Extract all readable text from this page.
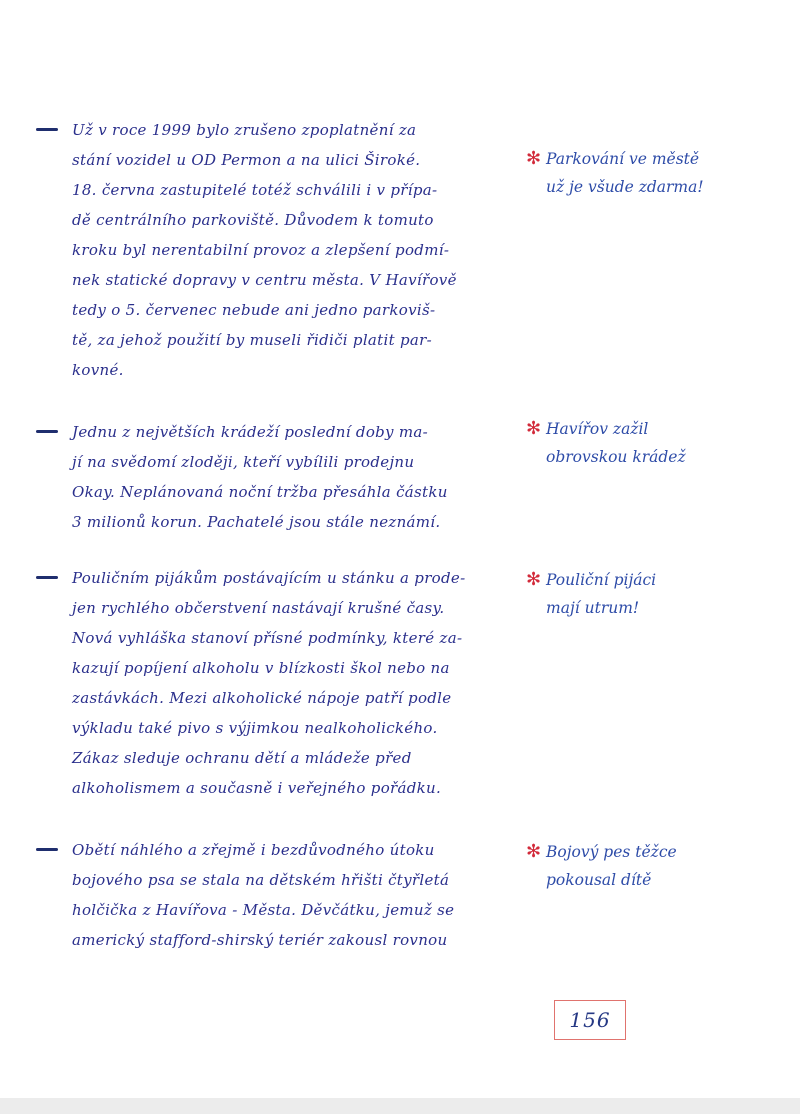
Už v roce 1999 bylo zrušeno zpoplatnění za
stání vozidel u OD Permon a na ulici Široké.
18. června zastupitelé totéž schválili i v přípa-
dě centrálního parkoviště. Důvodem k tomuto
kroku byl nerentabilní provoz a zlepšení podmí-
nek statické dopravy v centru města. V Havířově
tedy o 5. červenec nebude ani jedno parkoviš-
tě, za jehož použití by museli řidiči platit par-
kovné.
✻ Parkování ve městě
už je všude zdarma!
Jednu z největších krádeží poslední doby ma-
jí na svědomí zloději, kteří vybílili prodejnu
Okay. Neplánovaná noční tržba přesáhla částku
3 milionů korun. Pachatelé jsou stále neznámí.
✻ Havířov zažil
obrovskou krádež
Pouličním pijákům postávajícím u stánku a prode-
jen rychlého občerstvení nastávají krušné časy.
Nová vyhláška stanoví přísné podmínky, které za-
kazují popíjení alkoholu v blízkosti škol nebo na
zastávkách. Mezi alkoholické nápoje patří podle
výkladu také pivo s výjimkou nealkoholického.
Zákaz sleduje ochranu dětí a mládeže před
alkoholismem a současně i veřejného pořádku.
✻ Pouliční pijáci
mají utrum!
Obětí náhlého a zřejmě i bezdůvodného útoku
bojového psa se stala na dětském hřišti čtyřletá
holčička z Havířova - Města. Děvčátku, jemuž se
americký stafford-shirský teriér zakousl rovnou
✻ Bojový pes těžce
pokousal dítě
156
